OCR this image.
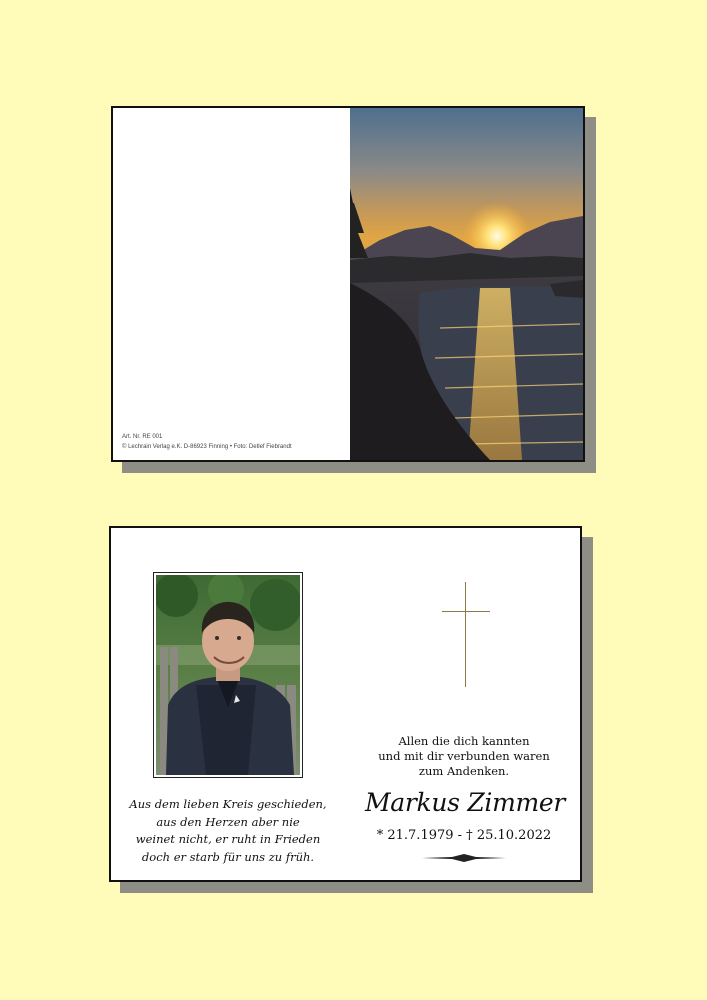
Art. Nr. RE 001
© Lechrain Verlag e.K. D-86923 Finning • Foto: Detlef Fiebrandt
Aus dem lieben Kreis geschieden,
aus den Herzen aber nie
weinet nicht, er ruht in Frieden
doch er starb für uns zu früh.
Allen die dich kannten
und mit dir verbunden waren
zum Andenken.
Markus Zimmer
* 21.7.1979 - † 25.10.2022
